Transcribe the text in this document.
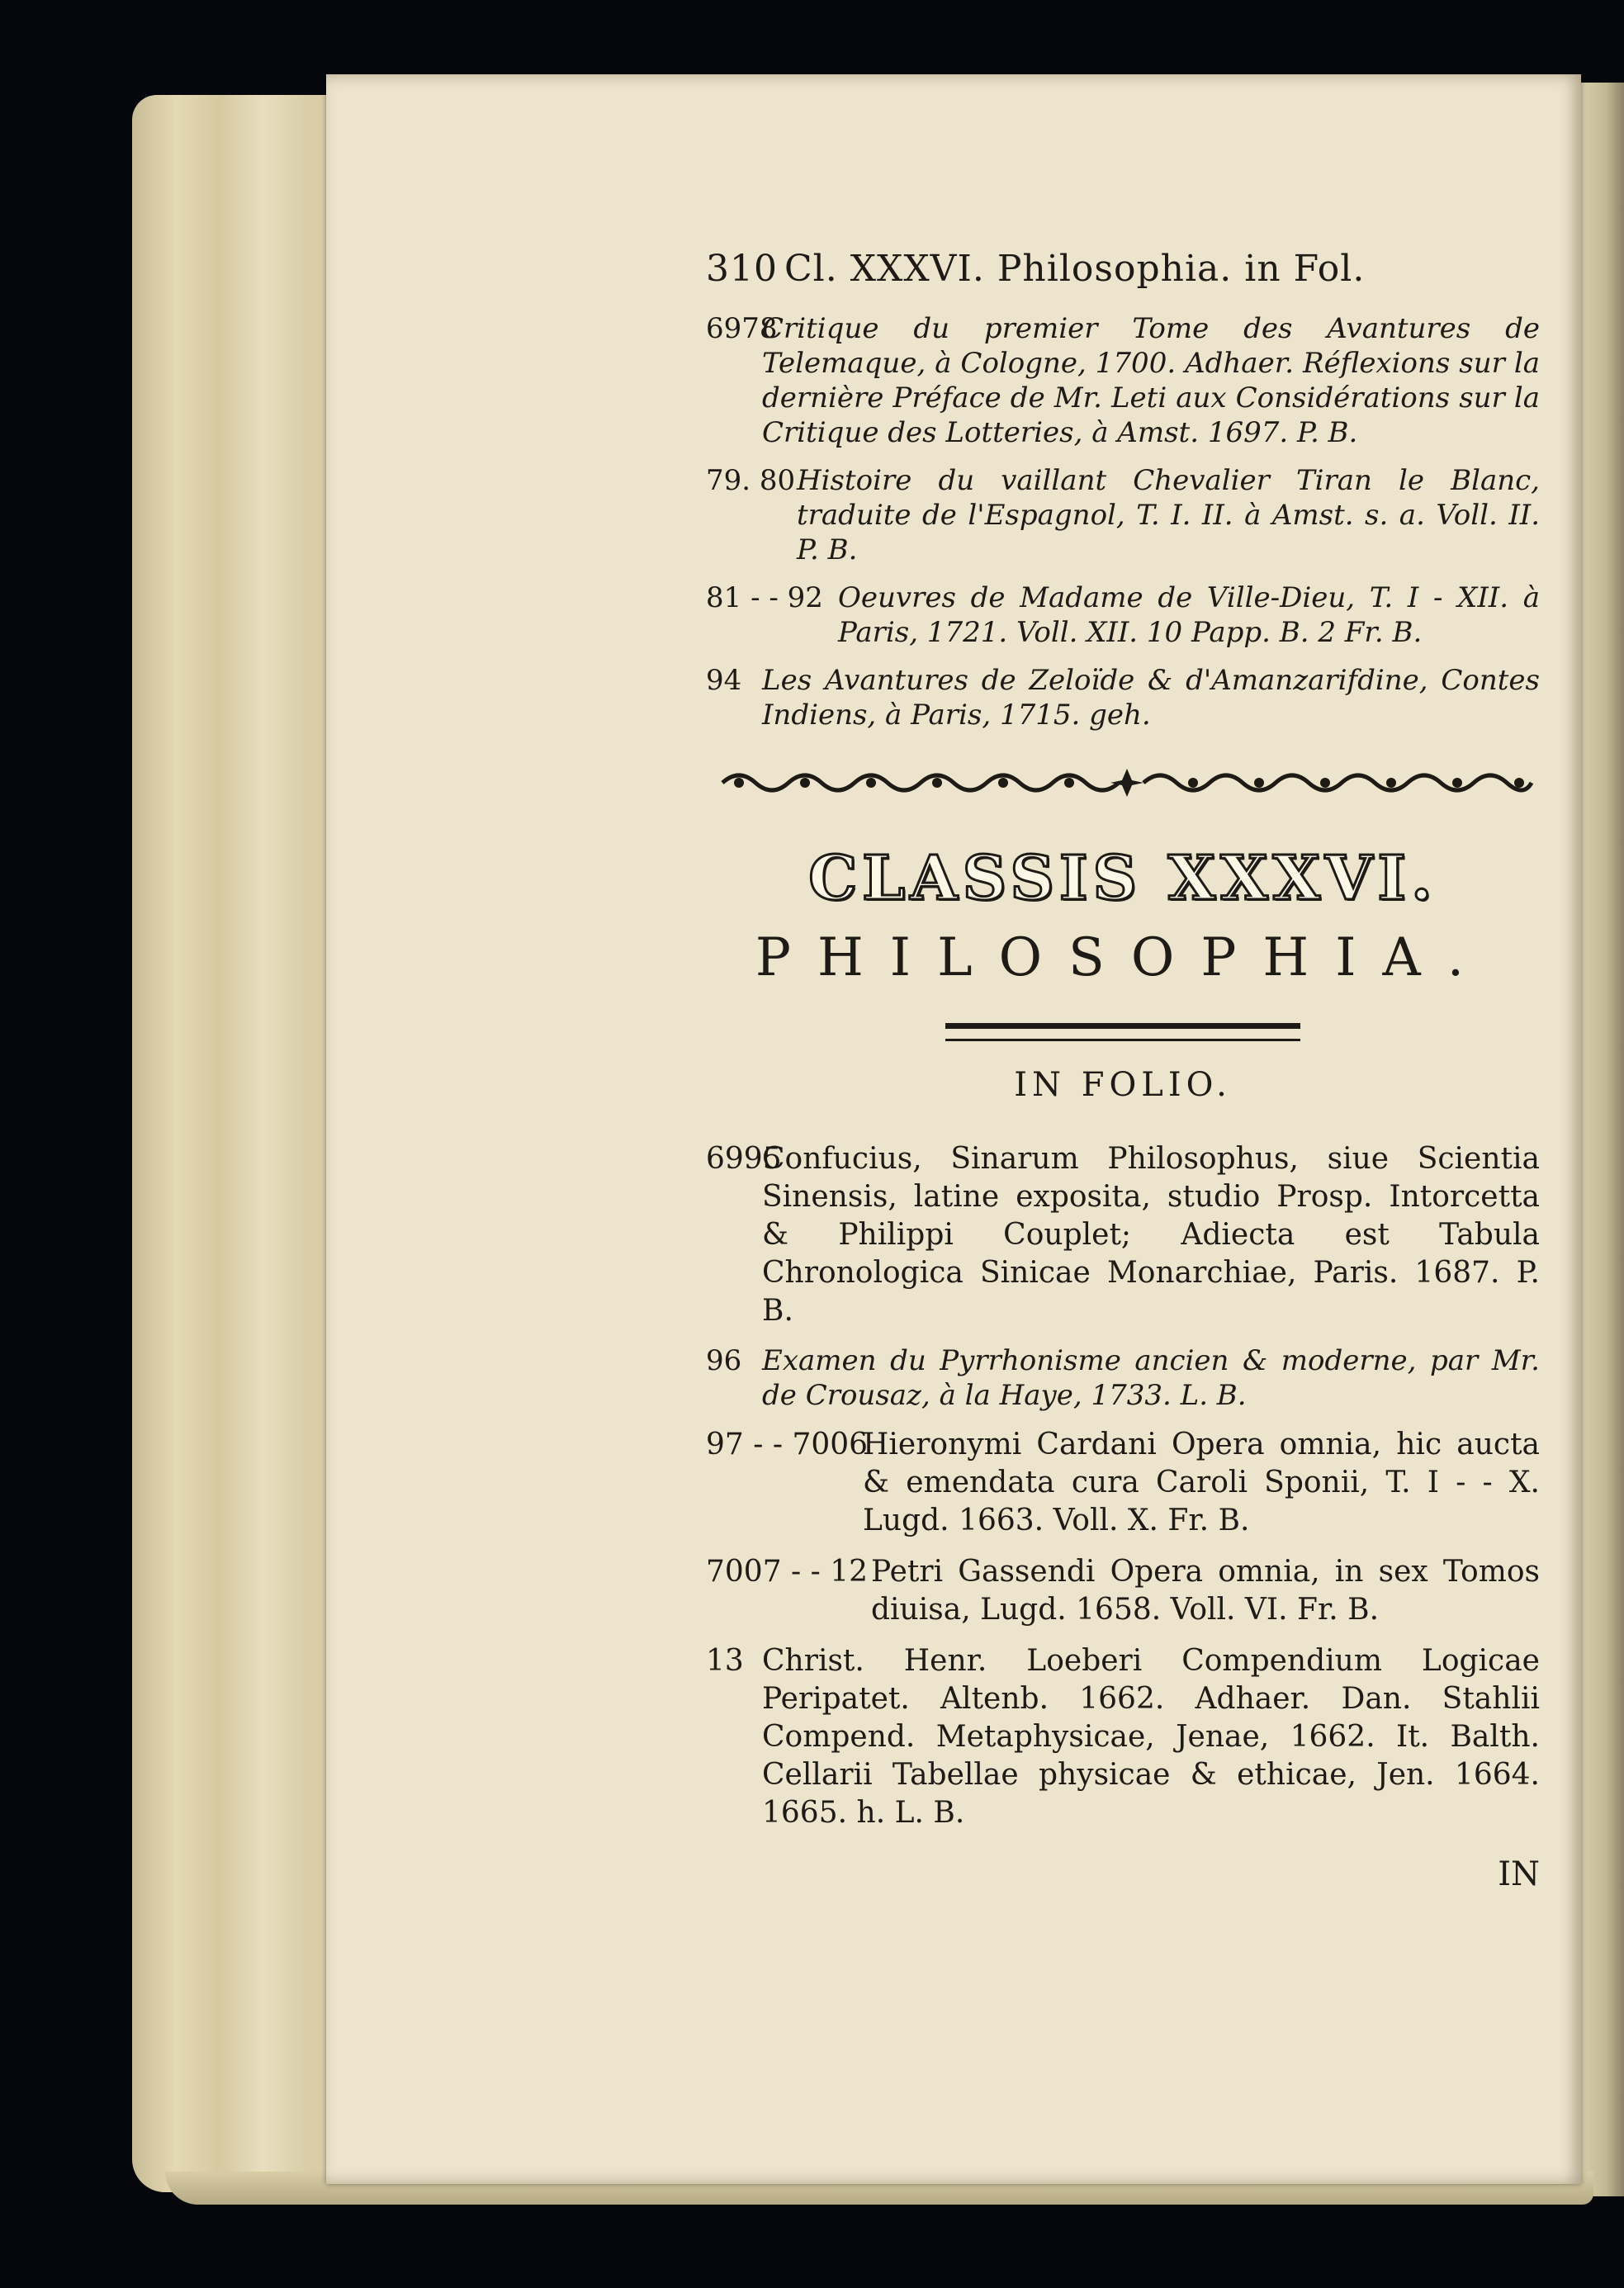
310 Cl. XXXVI. Philosophia. in Fol.
6978
Critique du premier Tome des Avantures de Telemaque, à Cologne, 1700. Adhaer. Réflexions sur la dernière Préface de Mr. Leti aux Considérations sur la Critique des Lotteries, à Amst. 1697. P. B.
79. 80 Histoire du vaillant Chevalier Tiran le Blanc, traduite de l'Espagnol, T. I. II. à Amst. s. a. Voll. II. P. B.
81 - - 92 Oeuvres de Madame de Ville-Dieu, T. I - XII. à Paris, 1721. Voll. XII. 10 Papp. B. 2 Fr. B.
94 Les Avantures de Zeloïde & d'Amanzarifdine, Contes Indiens, à Paris, 1715. geh.
CLASSIS XXXVI.
PHILOSOPHIA.
IN FOLIO.
6995
Confucius, Sinarum Philosophus, siue Scientia Sinensis, latine exposita, studio Prosp. Intorcetta & Philippi Couplet; Adiecta est Tabula Chronologica Sinicae Monarchiae, Paris. 1687. P. B.
96 Examen du Pyrrhonisme ancien & moderne, par Mr. de Crousaz, à la Haye, 1733. L. B.
97 - - 7006
Hieronymi Cardani Opera omnia, hic aucta & emendata cura Caroli Sponii, T. I - - X. Lugd. 1663. Voll. X. Fr. B.
7007 - - 12 Petri Gassendi Opera omnia, in sex Tomos diuisa, Lugd. 1658. Voll. VI. Fr. B.
13 Christ. Henr. Loeberi Compendium Logicae Peripatet. Altenb. 1662. Adhaer. Dan. Stahlii Compend. Metaphysicae, Jenae, 1662. It. Balth. Cellarii Tabellae physicae & ethicae, Jen. 1664. 1665. h. L. B.
IN
